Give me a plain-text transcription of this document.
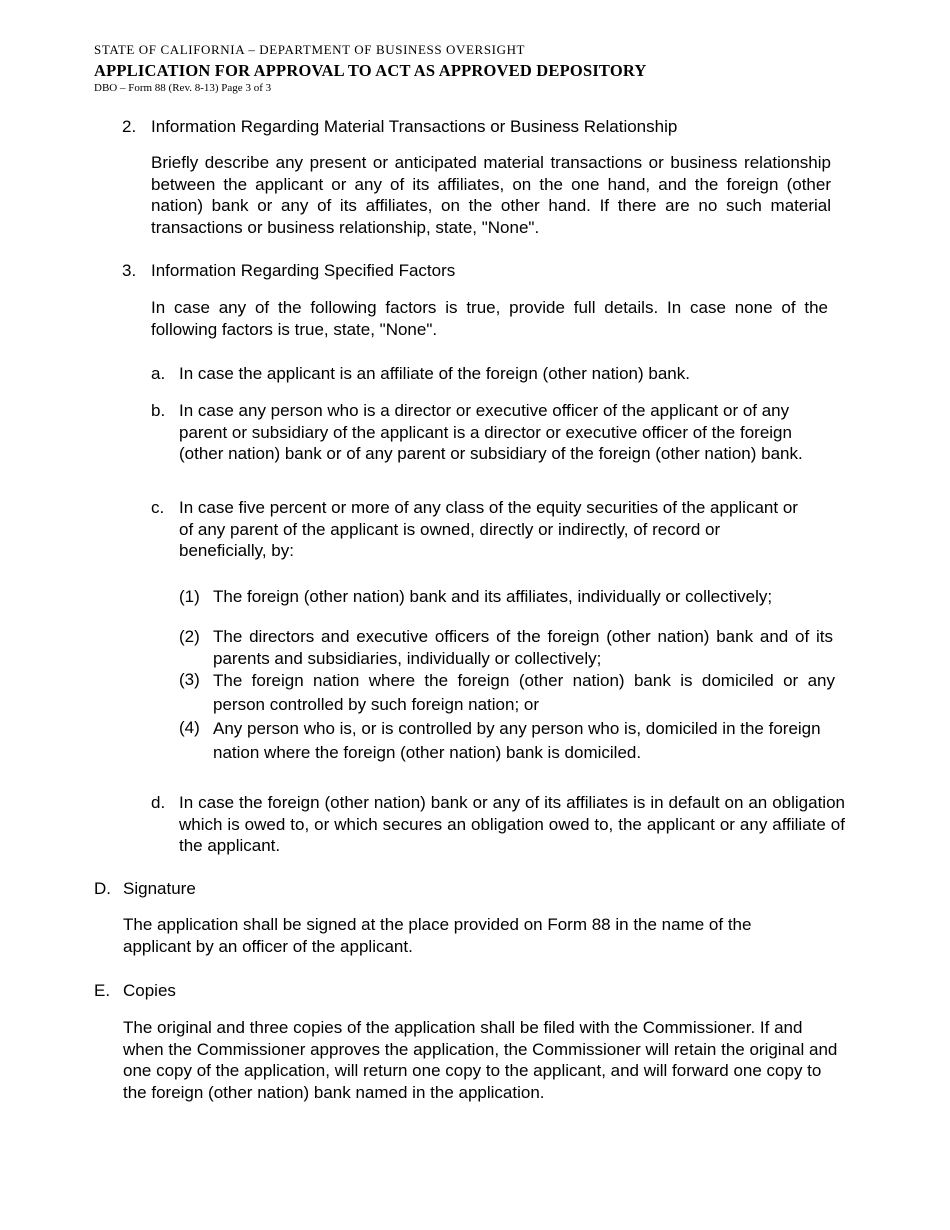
STATE OF CALIFORNIA – DEPARTMENT OF BUSINESS OVERSIGHT
APPLICATION FOR APPROVAL TO ACT AS APPROVED DEPOSITORY
DBO – Form 88 (Rev. 8-13) Page 3 of 3
2. Information Regarding Material Transactions or Business Relationship
Briefly describe any present or anticipated material transactions or business relationship between the applicant or any of its affiliates, on the one hand, and the foreign (other nation) bank or any of its affiliates, on the other hand. If there are no such material transactions or business relationship, state, "None".
3. Information Regarding Specified Factors
In case any of the following factors is true, provide full details. In case none of the following factors is true, state, "None".
a. In case the applicant is an affiliate of the foreign (other nation) bank.
b. In case any person who is a director or executive officer of the applicant or of any parent or subsidiary of the applicant is a director or executive officer of the foreign (other nation) bank or of any parent or subsidiary of the foreign (other nation) bank.
c. In case five percent or more of any class of the equity securities of the applicant or of any parent of the applicant is owned, directly or indirectly, of record or beneficially, by:
(1) The foreign (other nation) bank and its affiliates, individually or collectively;
(2) The directors and executive officers of the foreign (other nation) bank and of its parents and subsidiaries, individually or collectively;
(3) The foreign nation where the foreign (other nation) bank is domiciled or any person controlled by such foreign nation; or
(4) Any person who is, or is controlled by any person who is, domiciled in the foreign nation where the foreign (other nation) bank is domiciled.
d. In case the foreign (other nation) bank or any of its affiliates is in default on an obligation which is owed to, or which secures an obligation owed to, the applicant or any affiliate of the applicant.
D. Signature
The application shall be signed at the place provided on Form 88 in the name of the applicant by an officer of the applicant.
E. Copies
The original and three copies of the application shall be filed with the Commissioner. If and when the Commissioner approves the application, the Commissioner will retain the original and one copy of the application, will return one copy to the applicant, and will forward one copy to the foreign (other nation) bank named in the application.
